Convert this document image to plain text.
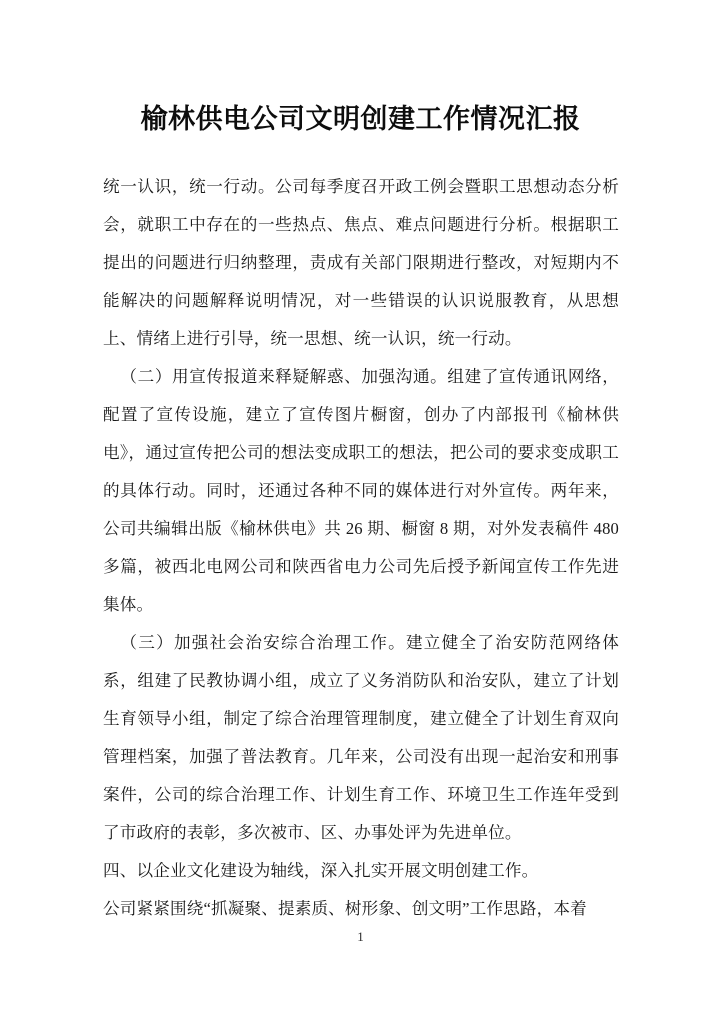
榆林供电公司文明创建工作情况汇报

统一认识，统一行动。公司每季度召开政工例会暨职工思想动态分析会，就职工中存在的一些热点、焦点、难点问题进行分析。根据职工提出的问题进行归纳整理，责成有关部门限期进行整改，对短期内不能解决的问题解释说明情况，对一些错误的认识说服教育，从思想上、情绪上进行引导，统一思想、统一认识，统一行动。

（二）用宣传报道来释疑解惑、加强沟通。组建了宣传通讯网络，配置了宣传设施，建立了宣传图片橱窗，创办了内部报刊《榆林供电》，通过宣传把公司的想法变成职工的想法，把公司的要求变成职工的具体行动。同时，还通过各种不同的媒体进行对外宣传。两年来，公司共编辑出版《榆林供电》共 26 期、橱窗 8 期，对外发表稿件 480 多篇，被西北电网公司和陕西省电力公司先后授予新闻宣传工作先进集体。

（三）加强社会治安综合治理工作。建立健全了治安防范网络体系，组建了民教协调小组，成立了义务消防队和治安队，建立了计划生育领导小组，制定了综合治理管理制度，建立健全了计划生育双向管理档案，加强了普法教育。几年来，公司没有出现一起治安和刑事案件，公司的综合治理工作、计划生育工作、环境卫生工作连年受到了市政府的表彰，多次被市、区、办事处评为先进单位。

四、以企业文化建设为轴线，深入扎实开展文明创建工作。

公司紧紧围绕“抓凝聚、提素质、树形象、创文明”工作思路，本着

1
